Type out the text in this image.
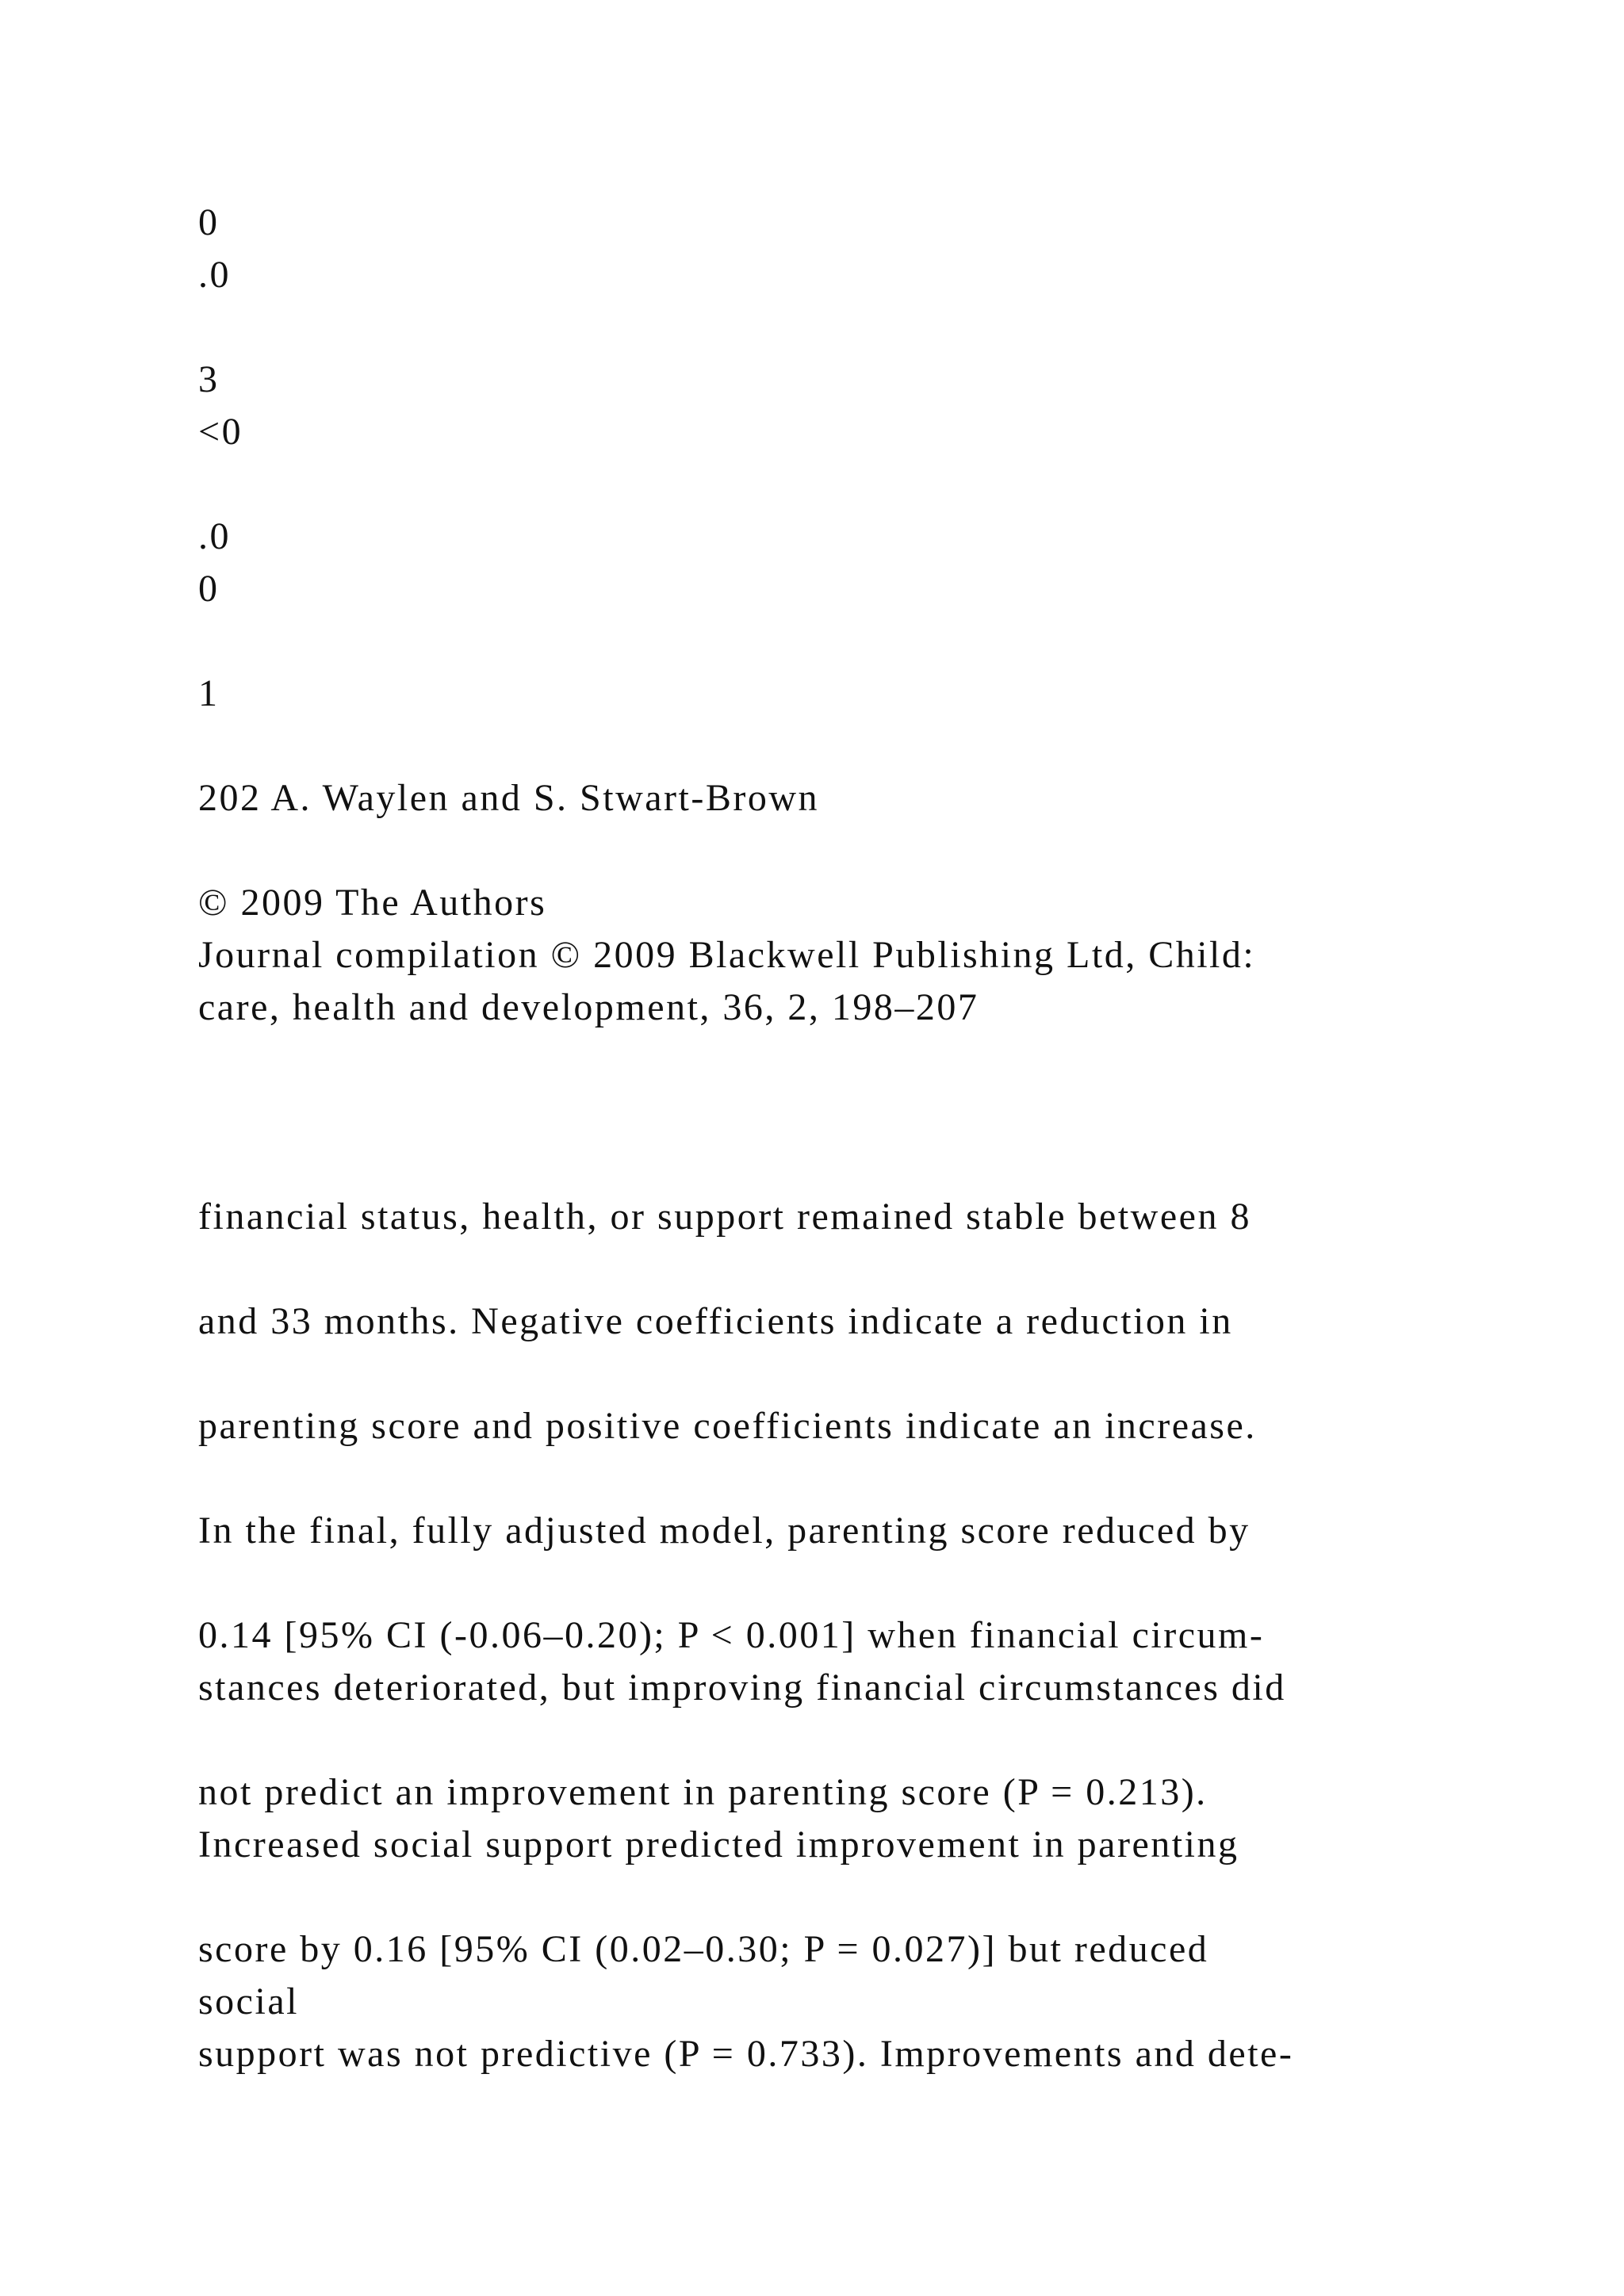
0

.0

3

<0

.0

0

1

202 A. Waylen and S. Stwart-Brown

© 2009 The Authors

Journal compilation © 2009 Blackwell Publishing Ltd, Child:

care, health and development, 36, 2, 198–207

financial status, health, or support remained stable between 8

and 33 months. Negative coefficients indicate a reduction in

parenting score and positive coefficients indicate an increase.

In the final, fully adjusted model, parenting score reduced by

0.14 [95% CI (-0.06–0.20); P < 0.001] when financial circum-

stances deteriorated, but improving financial circumstances did

not predict an improvement in parenting score (P = 0.213).

Increased social support predicted improvement in parenting

score by 0.16 [95% CI (0.02–0.30; P = 0.027)] but reduced

social

support was not predictive (P = 0.733). Improvements and dete-
